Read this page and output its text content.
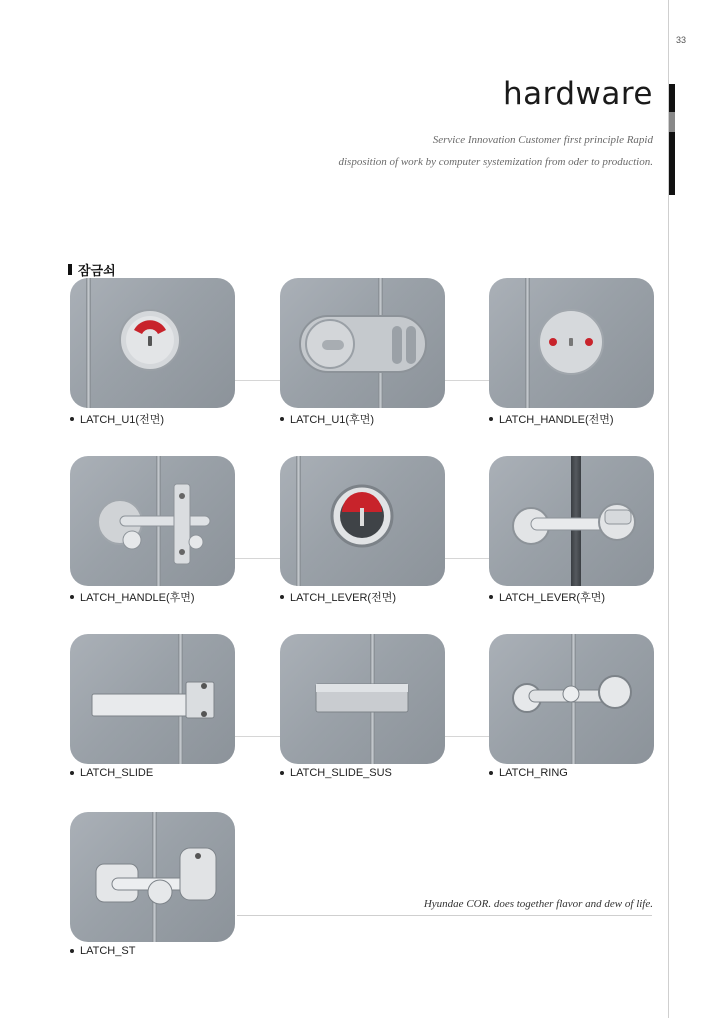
33
hardware
Service Innovation Customer first principle Rapid
disposition of work by computer systemization from oder to production.
잠금쇠
LATCH_U1(전면)	LATCH_U1(후면)	LATCH_HANDLE(전면)
LATCH_HANDLE(후면)	LATCH_LEVER(전면)	LATCH_LEVER(후면)
LATCH_SLIDE	LATCH_SLIDE_SUS	LATCH_RING
LATCH_ST
Hyundae COR. does together flavor and dew of life.
